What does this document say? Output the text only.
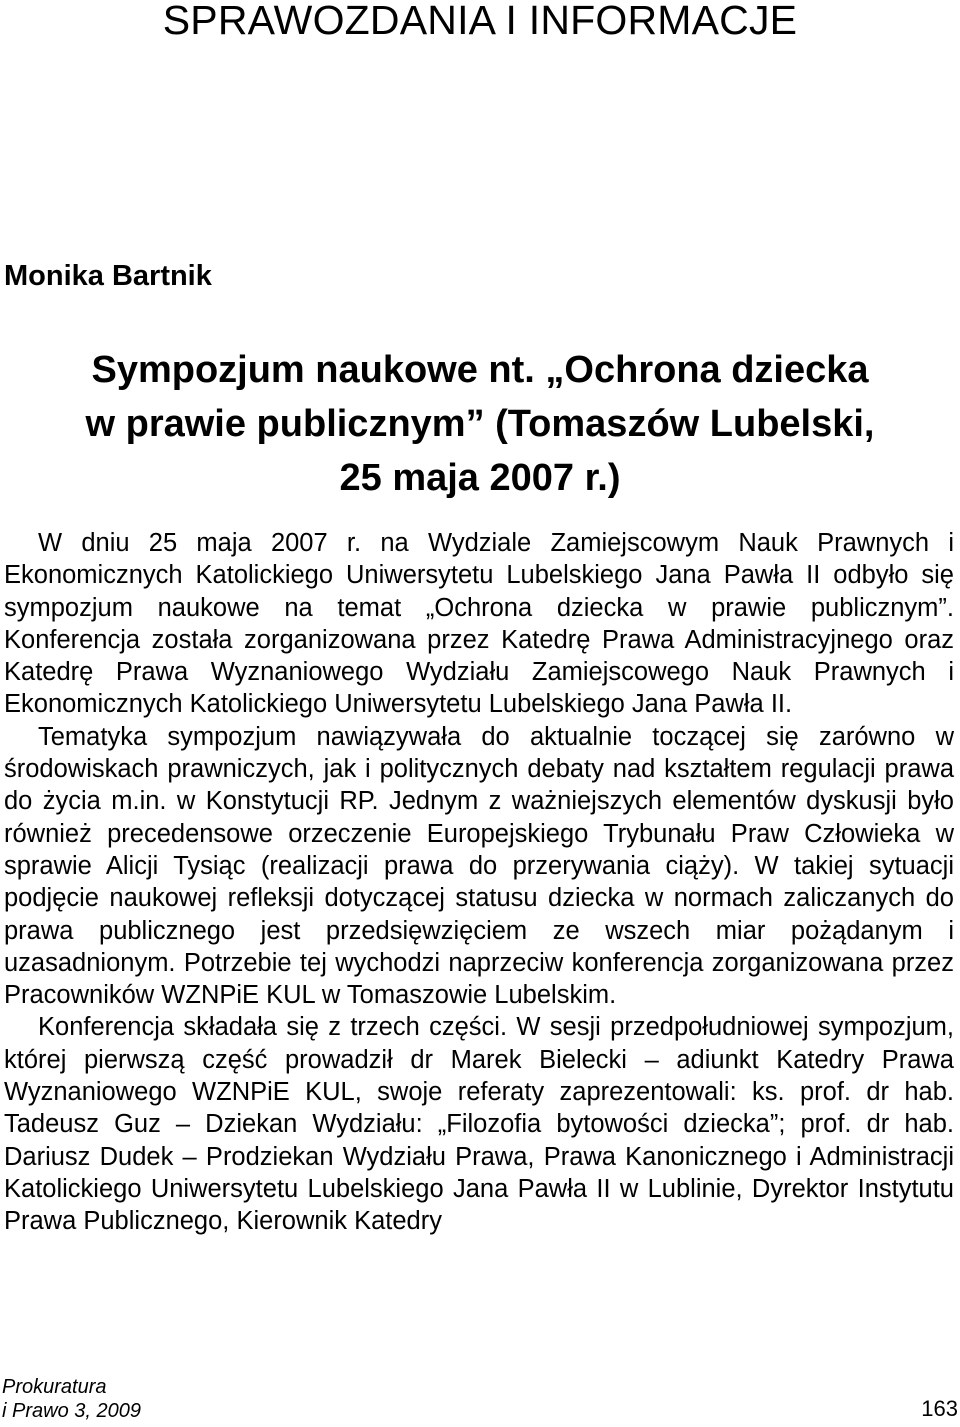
SPRAWOZDANIA I INFORMACJE
Monika Bartnik
Sympozjum naukowe nt. „Ochrona dziecka
w prawie publicznym” (Tomaszów Lubelski,
25 maja 2007 r.)

W dniu 25 maja 2007 r. na Wydziale Zamiejscowym Nauk Prawnych i Ekonomicznych Katolickiego Uniwersytetu Lubelskiego Jana Pawła II odbyło się sympozjum naukowe na temat „Ochrona dziecka w prawie publicznym”. Konferencja została zorganizowana przez Katedrę Prawa Administracyjnego oraz Katedrę Prawa Wyznaniowego Wydziału Zamiejscowego Nauk Prawnych i Ekonomicznych Katolickiego Uniwersytetu Lubelskiego Jana Pawła II.

Tematyka sympozjum nawiązywała do aktualnie toczącej się zarówno w środowiskach prawniczych, jak i politycznych debaty nad kształtem regulacji prawa do życia m.in. w Konstytucji RP. Jednym z ważniejszych elementów dyskusji było również precedensowe orzeczenie Europejskiego Trybunału Praw Człowieka w sprawie Alicji Tysiąc (realizacji prawa do przerywania ciąży). W takiej sytuacji podjęcie naukowej refleksji dotyczącej statusu dziecka w normach zaliczanych do prawa publicznego jest przedsięwzięciem ze wszech miar pożądanym i uzasadnionym. Potrzebie tej wychodzi naprzeciw konferencja zorganizowana przez Pracowników WZNPiE KUL w Tomaszowie Lubelskim.

Konferencja składała się z trzech części. W sesji przedpołudniowej sympozjum, której pierwszą część prowadził dr Marek Bielecki – adiunkt Katedry Prawa Wyznaniowego WZNPiE KUL, swoje referaty zaprezentowali: ks. prof. dr hab. Tadeusz Guz – Dziekan Wydziału: „Filozofia bytowości dziecka”; prof. dr hab. Dariusz Dudek – Prodziekan Wydziału Prawa, Prawa Kanonicznego i Administracji Katolickiego Uniwersytetu Lubelskiego Jana Pawła II w Lublinie, Dyrektor Instytutu Prawa Publicznego, Kierownik Katedry

Prokuratura
i Prawo 3, 2009	163
